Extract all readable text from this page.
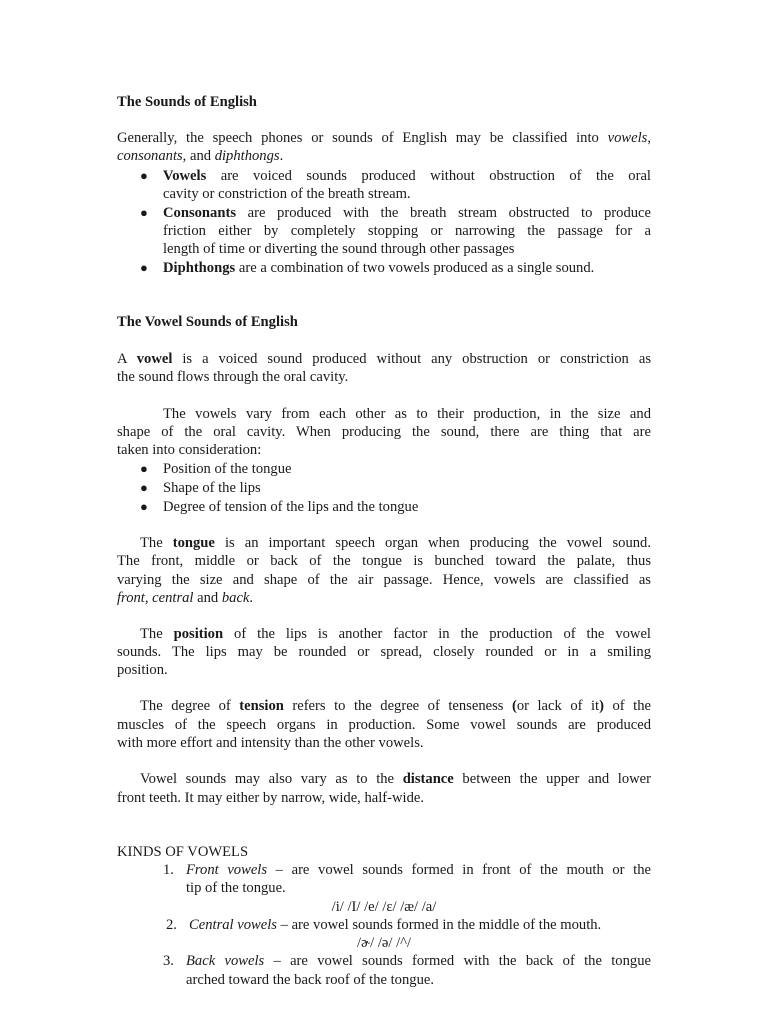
The Sounds of English
Generally, the speech phones or sounds of English may be classified into vowels,
consonants, and diphthongs.
● Vowels are voiced sounds produced without obstruction of the oral
cavity or constriction of the breath stream.
● Consonants are produced with the breath stream obstructed to produce
friction either by completely stopping or narrowing the passage for a
length of time or diverting the sound through other passages
● Diphthongs are a combination of two vowels produced as a single sound.
The Vowel Sounds of English
A vowel is a voiced sound produced without any obstruction or constriction as
the sound flows through the oral cavity.
The vowels vary from each other as to their production, in the size and
shape of the oral cavity. When producing the sound, there are thing that are
taken into consideration:
● Position of the tongue
● Shape of the lips
● Degree of tension of the lips and the tongue
The tongue is an important speech organ when producing the vowel sound.
The front, middle or back of the tongue is bunched toward the palate, thus
varying the size and shape of the air passage. Hence, vowels are classified as
front, central and back.
The position of the lips is another factor in the production of the vowel
sounds. The lips may be rounded or spread, closely rounded or in a smiling
position.
The degree of tension refers to the degree of tenseness (or lack of it) of the
muscles of the speech organs in production. Some vowel sounds are produced
with more effort and intensity than the other vowels.
Vowel sounds may also vary as to the distance between the upper and lower
front teeth. It may either by narrow, wide, half-wide.
KINDS OF VOWELS
1. Front vowels – are vowel sounds formed in front of the mouth or the
tip of the tongue.
/i/ /I/ /e/ /ɛ/ /æ/ /a/
2. Central vowels – are vowel sounds formed in the middle of the mouth.
/ɚ/ /ə/ /^/
3. Back vowels – are vowel sounds formed with the back of the tongue
arched toward the back roof of the tongue.
